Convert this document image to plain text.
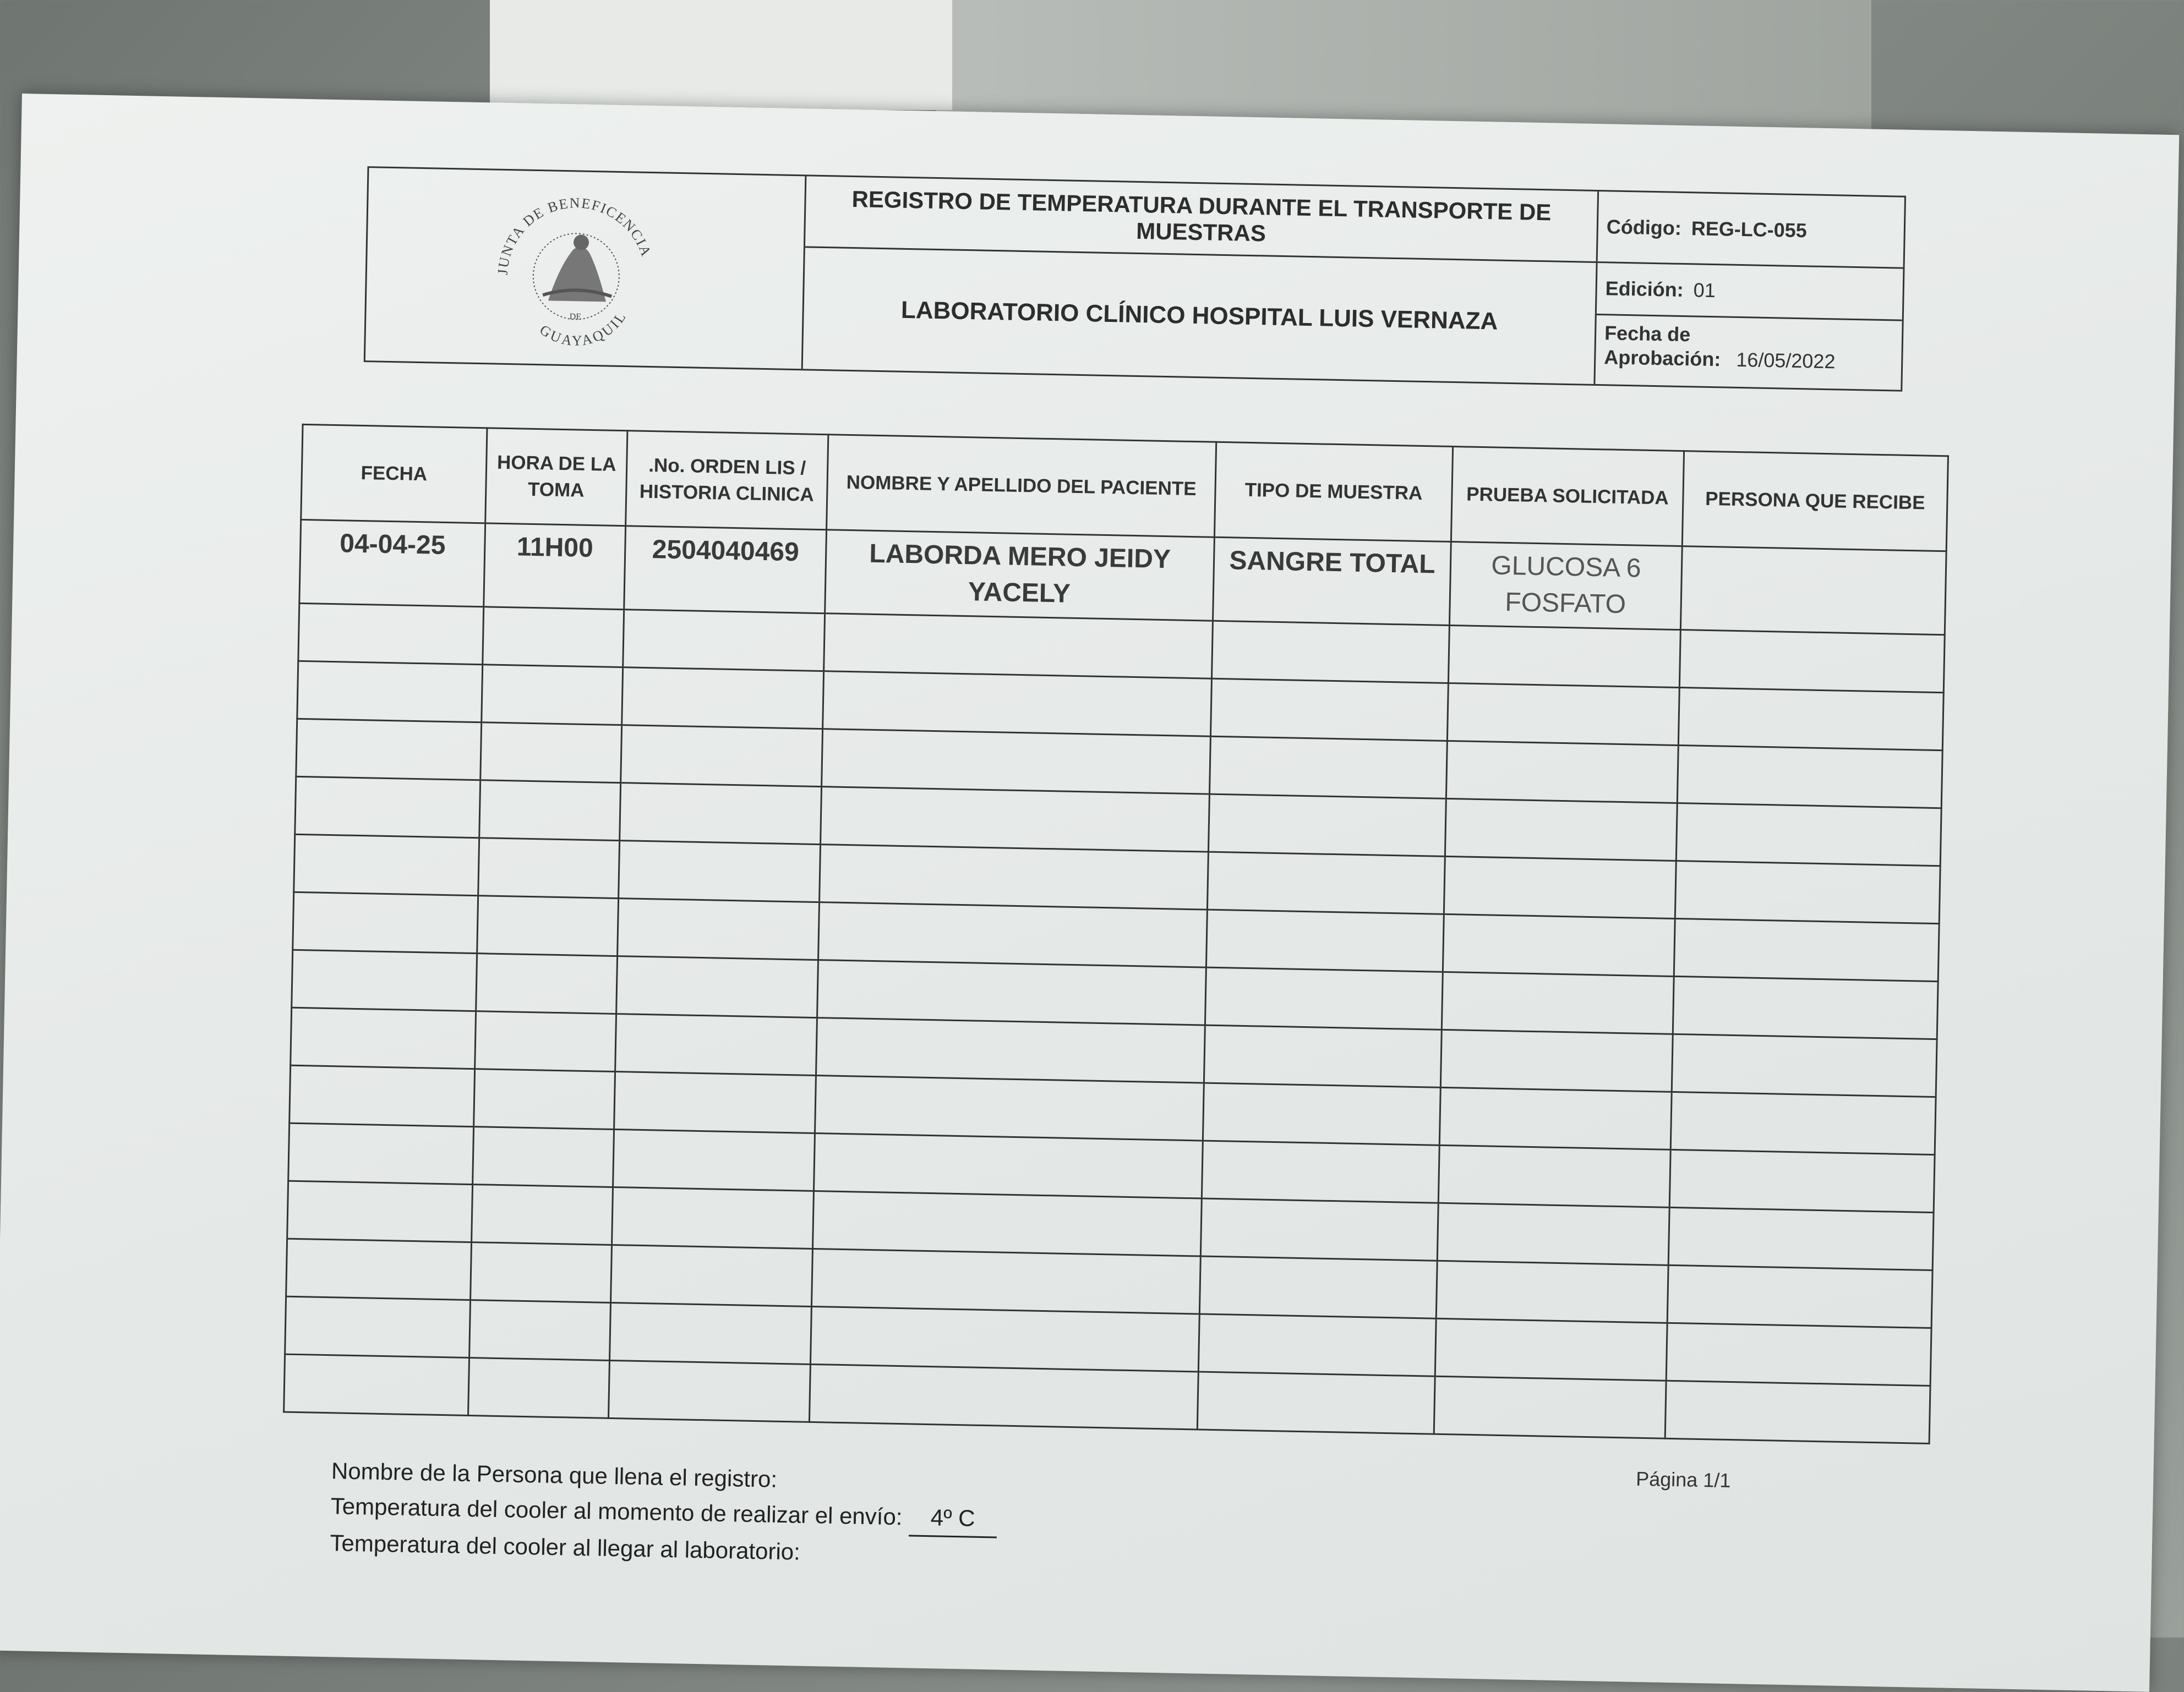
JUNTA DE BENEFICENCIA
GUAYAQUIL
DE
REGISTRO DE TEMPERATURA DURANTE EL TRANSPORTE DE MUESTRAS	Código: REG-LC-055
LABORATORIO CLÍNICO HOSPITAL LUIS VERNAZA
Edición: 01
Fecha de
Aprobación: 16/05/2022
FECHA	HORA DE LA TOMA	.No. ORDEN LIS / HISTORIA CLINICA	NOMBRE Y APELLIDO DEL PACIENTE	TIPO DE MUESTRA	PRUEBA SOLICITADA	PERSONA QUE RECIBE
04-04-25	11H00	2504040469	LABORDA MERO JEIDY YACELY	SANGRE TOTAL	GLUCOSA 6 FOSFATO	

Nombre de la Persona que llena el registro:
Temperatura del cooler al momento de realizar el envío: 4º C
Temperatura del cooler al llegar al laboratorio:
Página 1/1
